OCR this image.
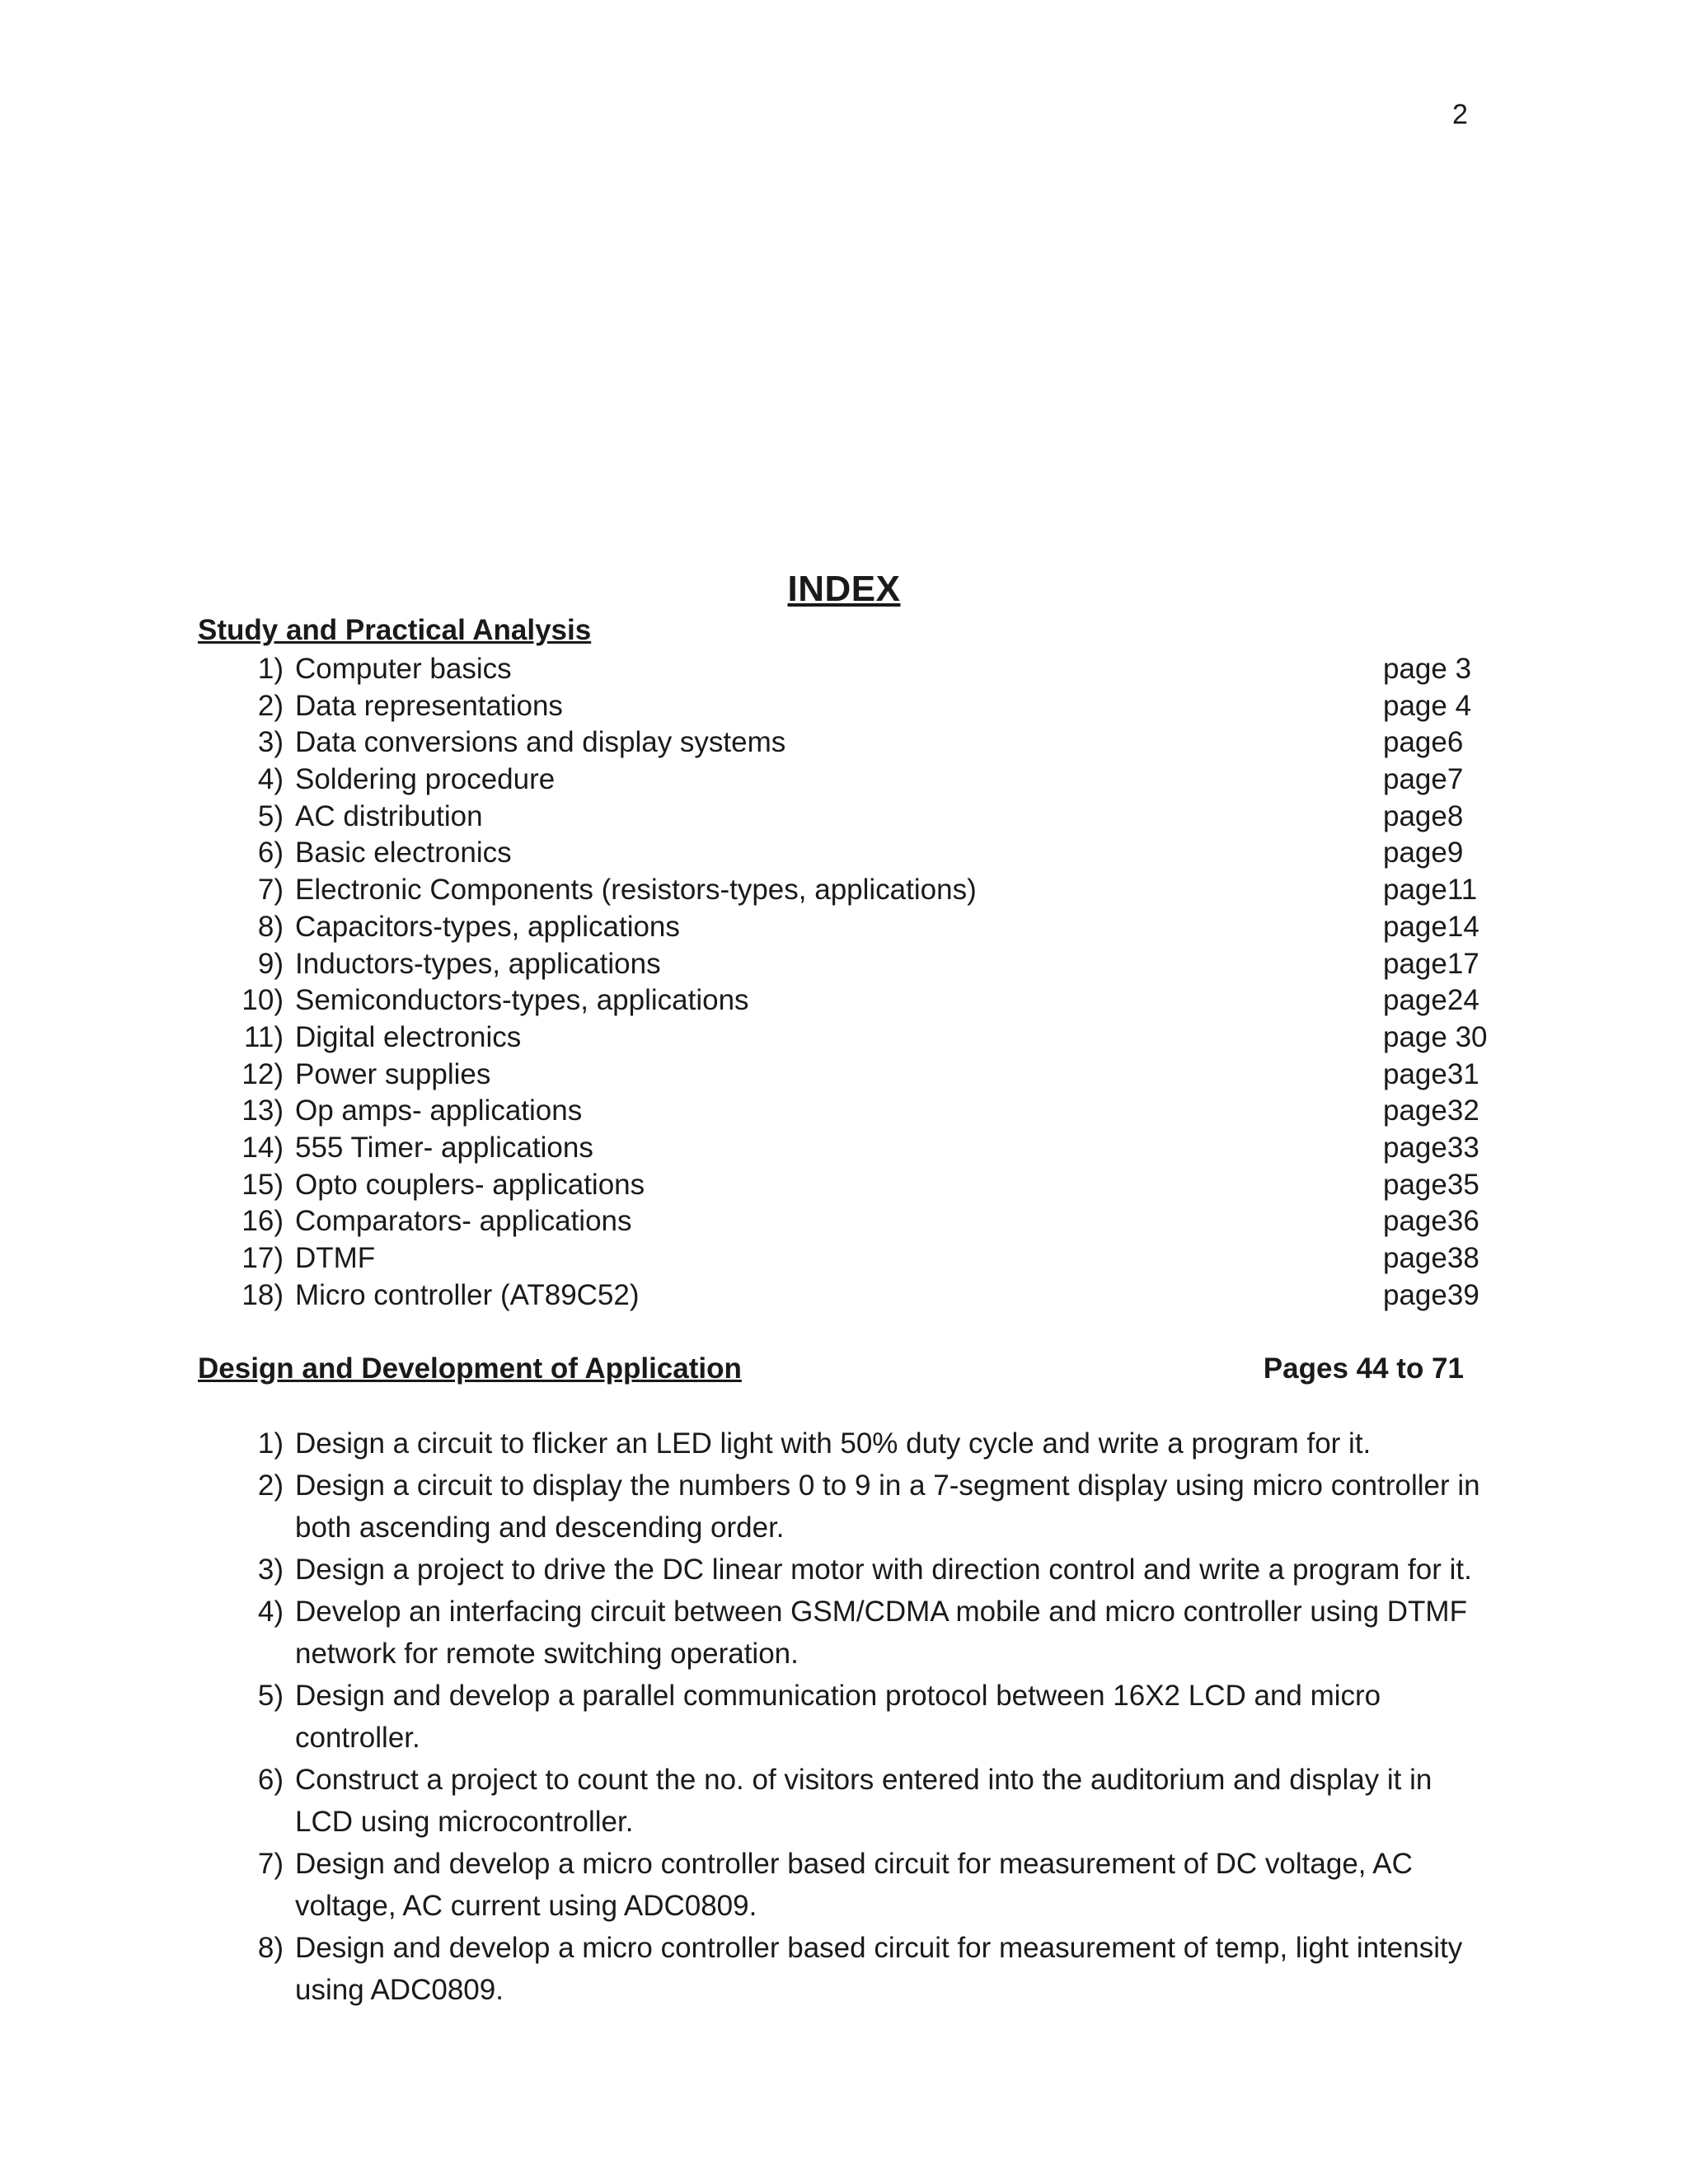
2
INDEX
Study and Practical Analysis
1) Computer basics	page 3
2) Data representations	page 4
3) Data conversions and display systems	page6
4) Soldering procedure	page7
5) AC distribution	page8
6) Basic electronics	page9
7) Electronic Components (resistors-types, applications)	page11
8) Capacitors-types, applications	page14
9) Inductors-types, applications	page17
10) Semiconductors-types, applications	page24
11) Digital electronics	page 30
12) Power supplies	page31
13) Op amps- applications	page32
14) 555 Timer- applications	page33
15) Opto couplers- applications	page35
16) Comparators- applications	page36
17) DTMF	page38
18) Micro controller (AT89C52)	page39
Design and Development of Application	Pages 44 to 71
1) Design a circuit to flicker an LED light with 50% duty cycle and write a program for it.
2) Design a circuit to display the numbers 0 to 9 in a 7-segment display using micro controller in both ascending and descending order.
3) Design a project to drive the DC linear motor with direction control and write a program for it.
4) Develop an interfacing circuit between GSM/CDMA mobile and micro controller using DTMF network for remote switching operation.
5) Design and develop a parallel communication protocol between 16X2 LCD and micro controller.
6) Construct a project to count the no. of visitors entered into the auditorium and display it in LCD using microcontroller.
7) Design and develop a micro controller based circuit for measurement of DC voltage, AC voltage, AC current using ADC0809.
8) Design and develop a micro controller based circuit for measurement of temp, light intensity using ADC0809.
